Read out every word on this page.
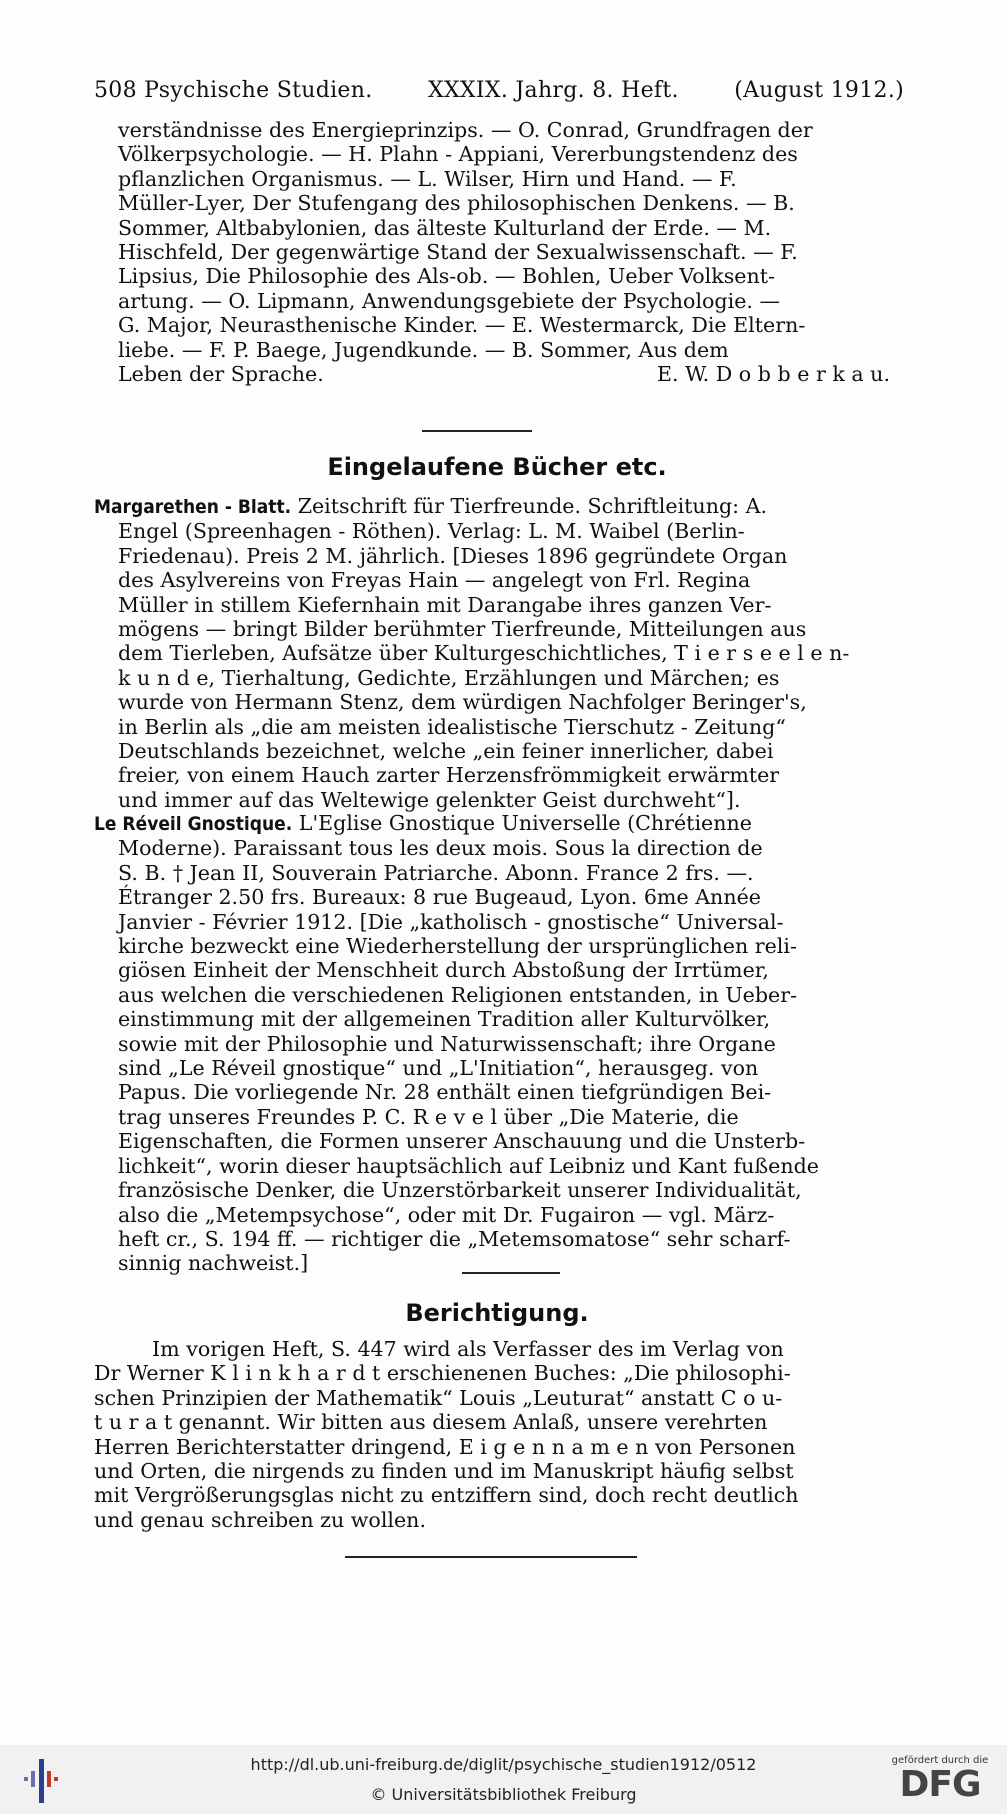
508 Psychische Studien.	XXXIX. Jahrg. 8. Heft.	(August 1912.)
verständnisse des Energieprinzips. — O. Conrad, Grundfragen der
Völkerpsychologie. — H. Plahn - Appiani, Vererbungstendenz des
pflanzlichen Organismus. — L. Wilser, Hirn und Hand. — F.
Müller-Lyer, Der Stufengang des philosophischen Denkens. — B.
Sommer, Altbabylonien, das älteste Kulturland der Erde. — M.
Hischfeld, Der gegenwärtige Stand der Sexualwissenschaft. — F.
Lipsius, Die Philosophie des Als-ob. — Bohlen, Ueber Volksent-
artung. — O. Lipmann, Anwendungsgebiete der Psychologie. —
G. Major, Neurasthenische Kinder. — E. Westermarck, Die Eltern-
liebe. — F. P. Baege, Jugendkunde. — B. Sommer, Aus dem
Leben der Sprache.	E. W. D o b b e r k a u.
Eingelaufene Bücher etc.
Margarethen - Blatt. Zeitschrift für Tierfreunde. Schriftleitung: A.
Engel (Spreenhagen - Röthen). Verlag: L. M. Waibel (Berlin-
Friedenau). Preis 2 M. jährlich. [Dieses 1896 gegründete Organ
des Asylvereins von Freyas Hain — angelegt von Frl. Regina
Müller in stillem Kiefernhain mit Darangabe ihres ganzen Ver-
mögens — bringt Bilder berühmter Tierfreunde, Mitteilungen aus
dem Tierleben, Aufsätze über Kulturgeschichtliches, T i e r s e e l e n-
k u n d e, Tierhaltung, Gedichte, Erzählungen und Märchen; es
wurde von Hermann Stenz, dem würdigen Nachfolger Beringer's,
in Berlin als „die am meisten idealistische Tierschutz - Zeitung“
Deutschlands bezeichnet, welche „ein feiner innerlicher, dabei
freier, von einem Hauch zarter Herzensfrömmigkeit erwärmter
und immer auf das Weltewige gelenkter Geist durchweht“].
Le Réveil Gnostique. L'Eglise Gnostique Universelle (Chrétienne
Moderne). Paraissant tous les deux mois. Sous la direction de
S. B. † Jean II, Souverain Patriarche. Abonn. France 2 frs. —.
Étranger 2.50 frs. Bureaux: 8 rue Bugeaud, Lyon. 6me Année
Janvier - Février 1912. [Die „katholisch - gnostische“ Universal-
kirche bezweckt eine Wiederherstellung der ursprünglichen reli-
giösen Einheit der Menschheit durch Abstoßung der Irrtümer,
aus welchen die verschiedenen Religionen entstanden, in Ueber-
einstimmung mit der allgemeinen Tradition aller Kulturvölker,
sowie mit der Philosophie und Naturwissenschaft; ihre Organe
sind „Le Réveil gnostique“ und „L'Initiation“, herausgeg. von
Papus. Die vorliegende Nr. 28 enthält einen tiefgründigen Bei-
trag unseres Freundes P. C. R e v e l über „Die Materie, die
Eigenschaften, die Formen unserer Anschauung und die Unsterb-
lichkeit“, worin dieser hauptsächlich auf Leibniz und Kant fußende
französische Denker, die Unzerstörbarkeit unserer Individualität,
also die „Metempsychose“, oder mit Dr. Fugairon — vgl. März-
heft cr., S. 194 ff. — richtiger die „Metemsomatose“ sehr scharf-
sinnig nachweist.]
Berichtigung.
Im vorigen Heft, S. 447 wird als Verfasser des im Verlag von
Dr Werner K l i n k h a r d t erschienenen Buches: „Die philosophi-
schen Prinzipien der Mathematik“ Louis „Leuturat“ anstatt C o u-
t u r a t genannt. Wir bitten aus diesem Anlaß, unsere verehrten
Herren Berichterstatter dringend, E i g e n n a m e n von Personen
und Orten, die nirgends zu finden und im Manuskript häufig selbst
mit Vergrößerungsglas nicht zu entziffern sind, doch recht deutlich
und genau schreiben zu wollen.
http://dl.ub.uni-freiburg.de/diglit/psychische_studien1912/0512
© Universitätsbibliothek Freiburg
gefördert durch die
DFG
